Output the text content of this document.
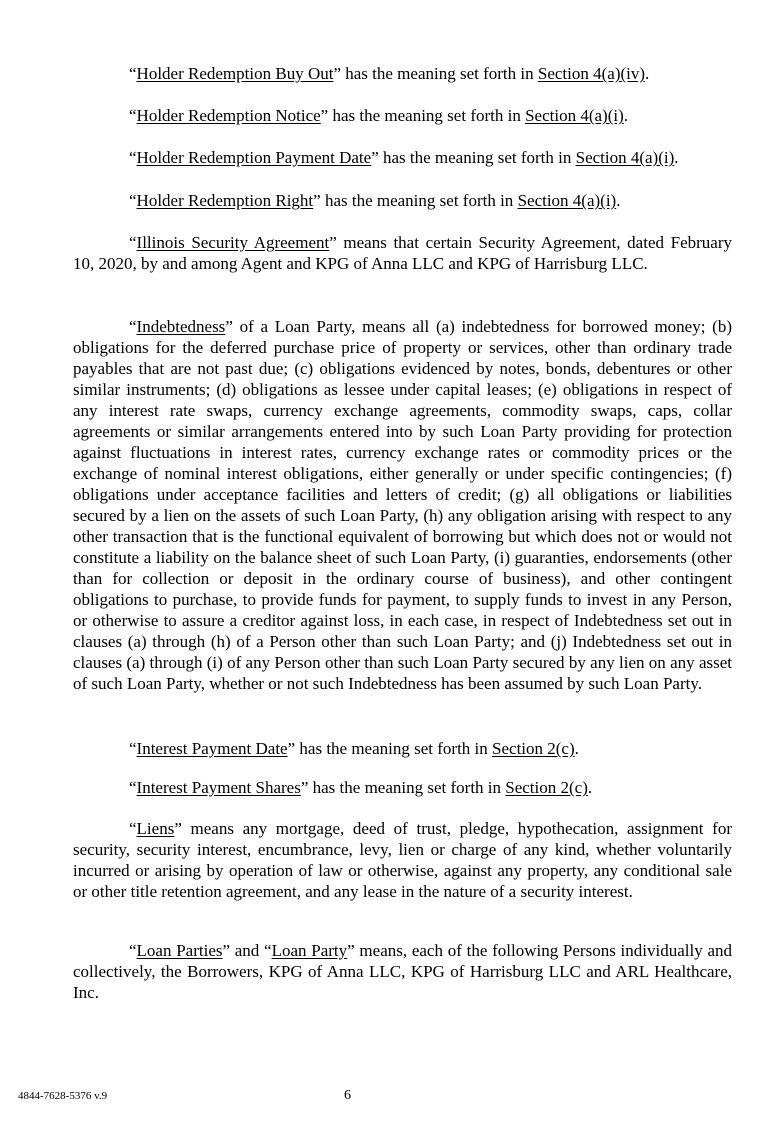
“Holder Redemption Buy Out” has the meaning set forth in Section 4(a)(iv).

“Holder Redemption Notice” has the meaning set forth in Section 4(a)(i).

“Holder Redemption Payment Date” has the meaning set forth in Section 4(a)(i).

“Holder Redemption Right” has the meaning set forth in Section 4(a)(i).

“Illinois Security Agreement” means that certain Security Agreement, dated February 10, 2020, by and among Agent and KPG of Anna LLC and KPG of Harrisburg LLC.

“Indebtedness” of a Loan Party, means all (a) indebtedness for borrowed money; (b) obligations for the deferred purchase price of property or services, other than ordinary trade payables that are not past due; (c) obligations evidenced by notes, bonds, debentures or other similar instruments; (d) obligations as lessee under capital leases; (e) obligations in respect of any interest rate swaps, currency exchange agreements, commodity swaps, caps, collar agreements or similar arrangements entered into by such Loan Party providing for protection against fluctuations in interest rates, currency exchange rates or commodity prices or the exchange of nominal interest obligations, either generally or under specific contingencies; (f) obligations under acceptance facilities and letters of credit; (g) all obligations or liabilities secured by a lien on the assets of such Loan Party, (h) any obligation arising with respect to any other transaction that is the functional equivalent of borrowing but which does not or would not constitute a liability on the balance sheet of such Loan Party, (i) guaranties, endorsements (other than for collection or deposit in the ordinary course of business), and other contingent obligations to purchase, to provide funds for payment, to supply funds to invest in any Person, or otherwise to assure a creditor against loss, in each case, in respect of Indebtedness set out in clauses (a) through (h) of a Person other than such Loan Party; and (j) Indebtedness set out in clauses (a) through (i) of any Person other than such Loan Party secured by any lien on any asset of such Loan Party, whether or not such Indebtedness has been assumed by such Loan Party.

“Interest Payment Date” has the meaning set forth in Section 2(c).

“Interest Payment Shares” has the meaning set forth in Section 2(c).

“Liens” means any mortgage, deed of trust, pledge, hypothecation, assignment for security, security interest, encumbrance, levy, lien or charge of any kind, whether voluntarily incurred or arising by operation of law or otherwise, against any property, any conditional sale or other title retention agreement, and any lease in the nature of a security interest.

“Loan Parties” and “Loan Party” means, each of the following Persons individually and collectively, the Borrowers, KPG of Anna LLC, KPG of Harrisburg LLC and ARL Healthcare, Inc.

4844-7628-5376 v.9	6
